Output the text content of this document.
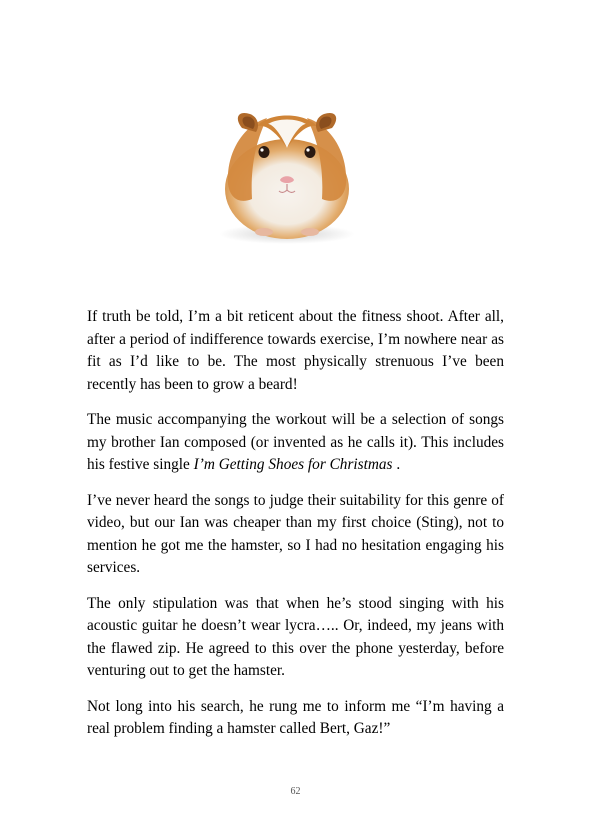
If truth be told, I’m a bit reticent about the fitness shoot. After all, after a period of indifference towards exercise, I’m nowhere near as fit as I’d like to be. The most physically strenuous I’ve been recently has been to grow a beard!

The music accompanying the workout will be a selection of songs my brother Ian composed (or invented as he calls it). This includes his festive single I’m Getting Shoes for Christmas .

I’ve never heard the songs to judge their suitability for this genre of video, but our Ian was cheaper than my first choice (Sting), not to mention he got me the hamster, so I had no hesitation engaging his services.

The only stipulation was that when he’s stood singing with his acoustic guitar he doesn’t wear lycra….. Or, indeed, my jeans with the flawed zip. He agreed to this over the phone yesterday, before venturing out to get the hamster.

Not long into his search, he rung me to inform me “I’m having a real problem finding a hamster called Bert, Gaz!”

62
